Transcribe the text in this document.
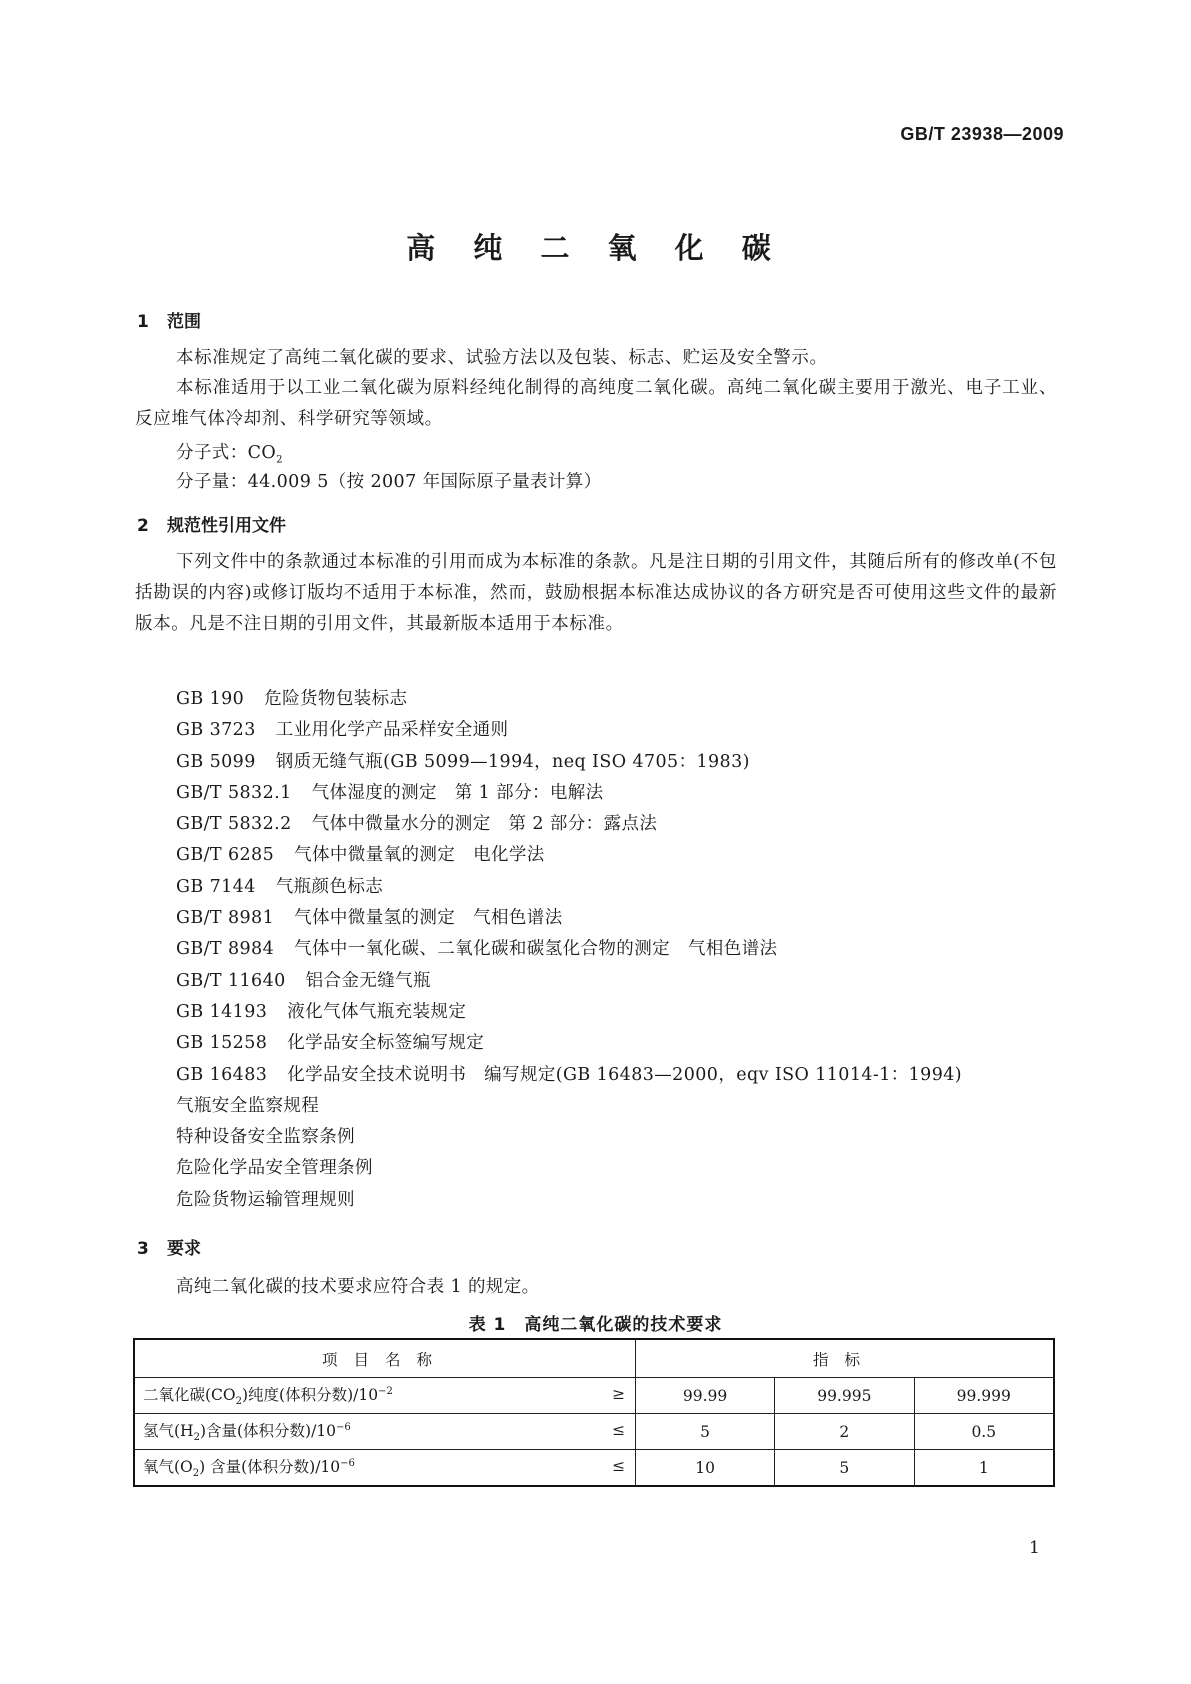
GB/T 23938—2009
高 纯 二 氧 化 碳
1 范围
本标准规定了高纯二氧化碳的要求、试验方法以及包装、标志、贮运及安全警示。
本标准适用于以工业二氧化碳为原料经纯化制得的高纯度二氧化碳。高纯二氧化碳主要用于激光、电子工业、反应堆气体冷却剂、科学研究等领域。
分子式：$CO_2$
分子量：44.009 5（按 2007 年国际原子量表计算）
2 规范性引用文件
下列文件中的条款通过本标准的引用而成为本标准的条款。凡是注日期的引用文件，其随后所有的修改单(不包括勘误的内容)或修订版均不适用于本标准，然而，鼓励根据本标准达成协议的各方研究是否可使用这些文件的最新版本。凡是不注日期的引用文件，其最新版本适用于本标准。
GB 190 危险货物包装标志
GB 3723 工业用化学产品采样安全通则
GB 5099 钢质无缝气瓶(GB 5099—1994，neq ISO 4705：1983)
GB/T 5832.1 气体湿度的测定　第 1 部分：电解法
GB/T 5832.2 气体中微量水分的测定　第 2 部分：露点法
GB/T 6285 气体中微量氧的测定　电化学法
GB 7144 气瓶颜色标志
GB/T 8981 气体中微量氢的测定　气相色谱法
GB/T 8984 气体中一氧化碳、二氧化碳和碳氢化合物的测定　气相色谱法
GB/T 11640 铝合金无缝气瓶
GB 14193 液化气体气瓶充装规定
GB 15258 化学品安全标签编写规定
GB 16483 化学品安全技术说明书　编写规定(GB 16483—2000，eqv ISO 11014-1：1994)
气瓶安全监察规程
特种设备安全监察条例
危险化学品安全管理条例
危险货物运输管理规则
3 要求
高纯二氧化碳的技术要求应符合表 1 的规定。
表 1　高纯二氧化碳的技术要求
项目名称	指标		
二氧化碳$(CO_2)$纯度(体积分数)$/10^{-2}$ ≥	99.99	99.995	99.999
氢气$(H_2)$含量(体积分数)$/10^{-6}$ ≤	5	2	0.5
氧气$(O_2)$ 含量(体积分数)$/10^{-6}$ ≤	10	5	1
1
